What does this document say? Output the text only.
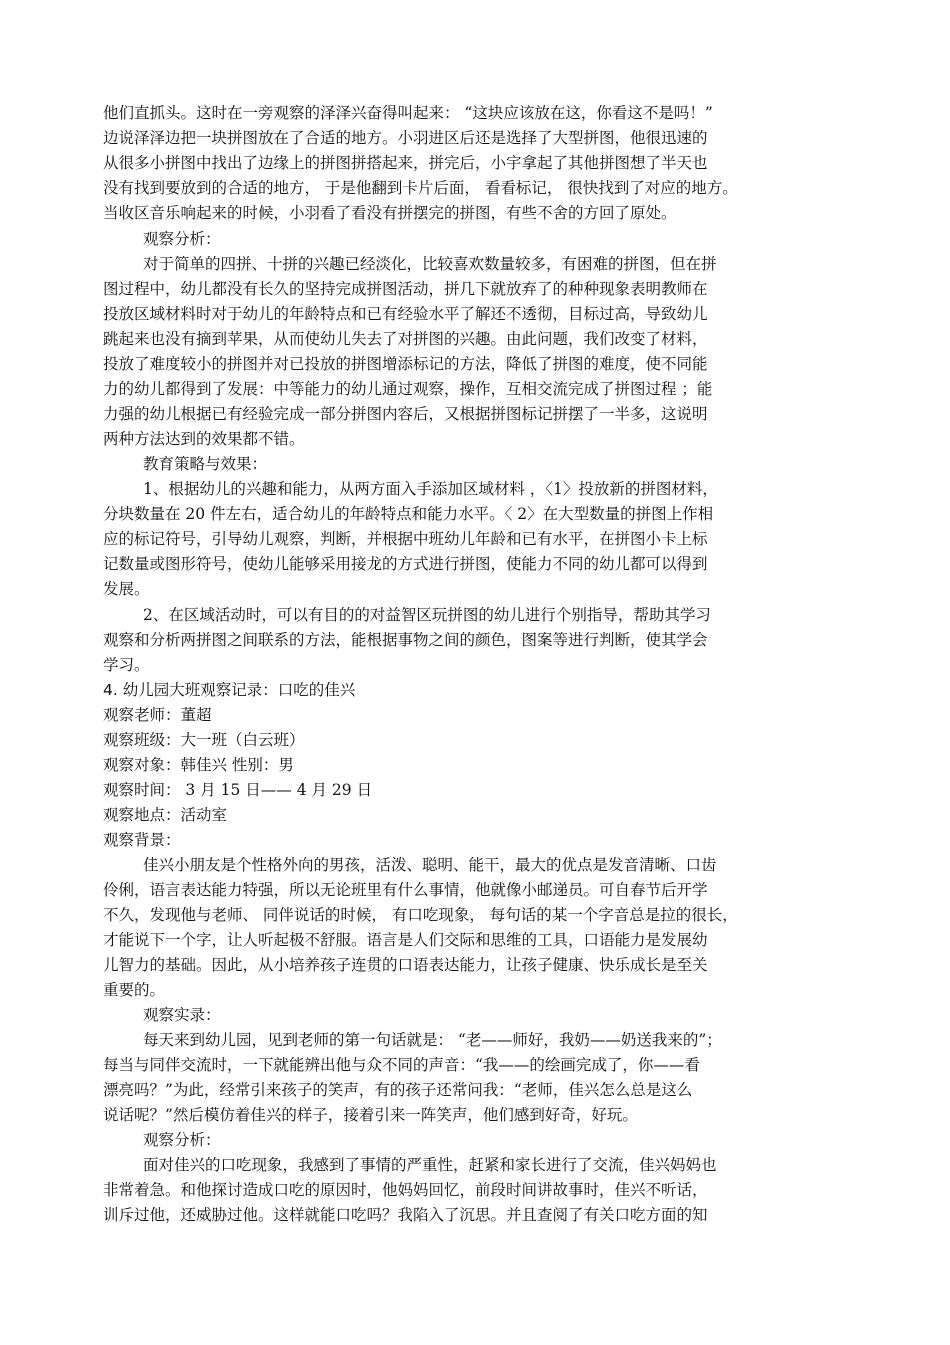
他们直抓头。这时在一旁观察的泽泽兴奋得叫起来： “这块应该放在这，你看这不是吗！”
边说泽泽边把一块拼图放在了合适的地方。小羽进区后还是选择了大型拼图，他很迅速的
从很多小拼图中找出了边缘上的拼图拼搭起来，拼完后，小宇拿起了其他拼图想了半天也
没有找到要放到的合适的地方， 于是他翻到卡片后面， 看看标记， 很快找到了对应的地方。
当收区音乐响起来的时候，小羽看了看没有拼摆完的拼图，有些不舍的方回了原处。
观察分析：
对于简单的四拼、十拼的兴趣已经淡化，比较喜欢数量较多，有困难的拼图，但在拼
图过程中，幼儿都没有长久的坚持完成拼图活动，拼几下就放弃了的种种现象表明教师在
投放区域材料时对于幼儿的年龄特点和已有经验水平了解还不透彻，目标过高，导致幼儿
跳起来也没有摘到苹果，从而使幼儿失去了对拼图的兴趣。由此问题，我们改变了材料，
投放了难度较小的拼图并对已投放的拼图增添标记的方法，降低了拼图的难度，使不同能
力的幼儿都得到了发展：中等能力的幼儿通过观察，操作，互相交流完成了拼图过程 ；能
力强的幼儿根据已有经验完成一部分拼图内容后，又根据拼图标记拼摆了一半多，这说明
两种方法达到的效果都不错。
教育策略与效果：
1、根据幼儿的兴趣和能力，从两方面入手添加区域材料 ，〈1〉投放新的拼图材料，
分块数量在 20 件左右，适合幼儿的年龄特点和能力水平。〈 2〉在大型数量的拼图上作相
应的标记符号，引导幼儿观察，判断，并根据中班幼儿年龄和已有水平，在拼图小卡上标
记数量或图形符号，使幼儿能够采用接龙的方式进行拼图，使能力不同的幼儿都可以得到
发展。
2、在区域活动时，可以有目的的对益智区玩拼图的幼儿进行个别指导，帮助其学习
观察和分析两拼图之间联系的方法，能根据事物之间的颜色，图案等进行判断，使其学会
学习。
4. 幼儿园大班观察记录：口吃的佳兴
观察老师：董超
观察班级：大一班（白云班）
观察对象：韩佳兴 性别：男
观察时间： 3 月 15 日—— 4 月 29 日
观察地点：活动室
观察背景：
佳兴小朋友是个性格外向的男孩，活泼、聪明、能干，最大的优点是发音清晰、口齿
伶俐，语言表达能力特强，所以无论班里有什么事情，他就像小邮递员。可自春节后开学
不久，发现他与老师、 同伴说话的时候， 有口吃现象， 每句话的某一个字音总是拉的很长，
才能说下一个字，让人听起极不舒服。语言是人们交际和思维的工具，口语能力是发展幼
儿智力的基础。因此，从小培养孩子连贯的口语表达能力，让孩子健康、快乐成长是至关
重要的。
观察实录：
每天来到幼儿园，见到老师的第一句话就是： “老——师好，我奶——奶送我来的”；
每当与同伴交流时，一下就能辨出他与众不同的声音：“我——的绘画完成了，你——看
漂亮吗？”为此，经常引来孩子的笑声，有的孩子还常问我：“老师，佳兴怎么总是这么
说话呢？”然后模仿着佳兴的样子，接着引来一阵笑声，他们感到好奇，好玩。
观察分析：
面对佳兴的口吃现象，我感到了事情的严重性，赶紧和家长进行了交流，佳兴妈妈也
非常着急。和他探讨造成口吃的原因时，他妈妈回忆，前段时间讲故事时，佳兴不听话，
训斥过他，还威胁过他。这样就能口吃吗？我陷入了沉思。并且查阅了有关口吃方面的知
